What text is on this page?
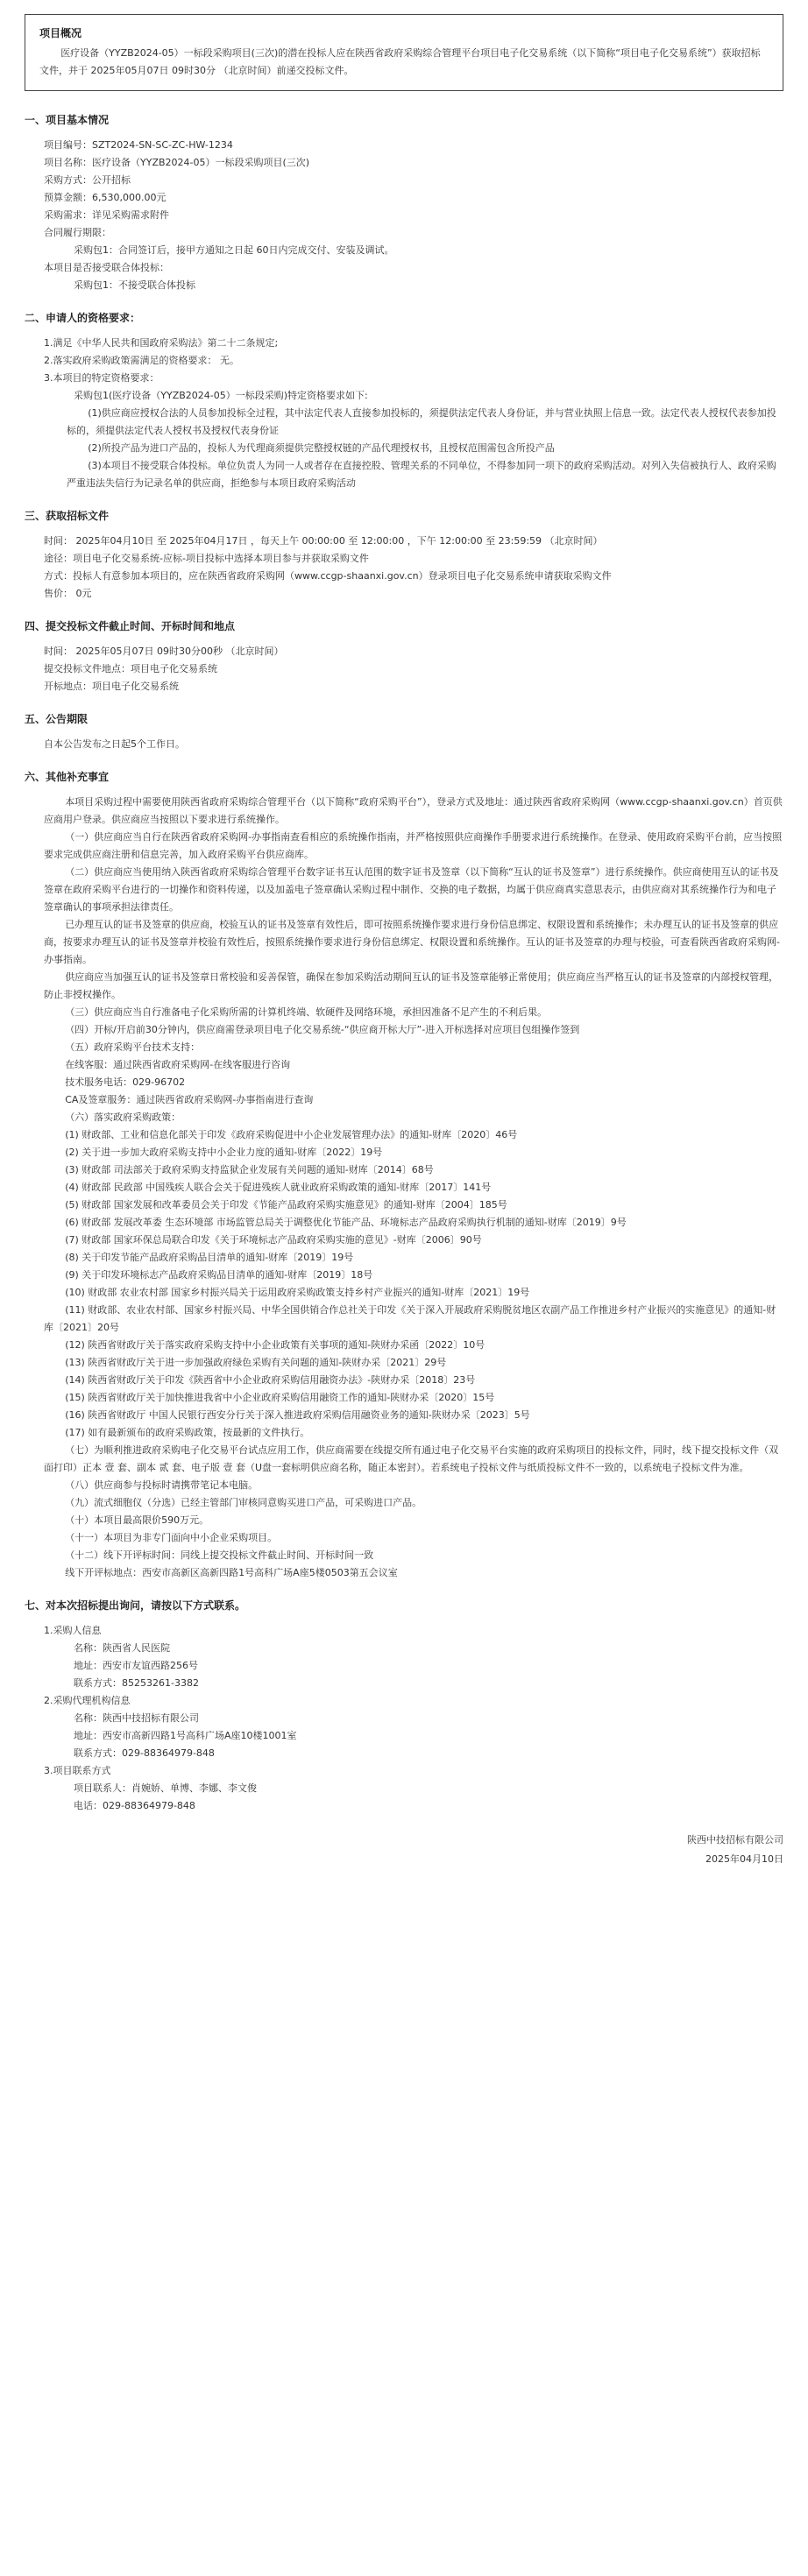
项目概况

医疗设备（YYZB2024-05）一标段采购项目(三次)的潜在投标人应在陕西省政府采购综合管理平台项目电子化交易系统（以下简称“项目电子化交易系统”）获取招标文件，并于 2025年05月07日 09时30分 （北京时间）前递交投标文件。

一、项目基本情况

项目编号：SZT2024-SN-SC-ZC-HW-1234

项目名称：医疗设备（YYZB2024-05）一标段采购项目(三次)

采购方式：公开招标

预算金额：6,530,000.00元

采购需求：详见采购需求附件

合同履行期限：

采购包1：合同签订后，接甲方通知之日起 60日内完成交付、安装及调试。

本项目是否接受联合体投标：

采购包1：不接受联合体投标

二、申请人的资格要求：

1.满足《中华人民共和国政府采购法》第二十二条规定;

2.落实政府采购政策需满足的资格要求： 无。

3.本项目的特定资格要求：

采购包1(医疗设备（YYZB2024-05）一标段采购)特定资格要求如下:

(1)供应商应授权合法的人员参加投标全过程，其中法定代表人直接参加投标的，须提供法定代表人身份证，并与营业执照上信息一致。法定代表人授权代表参加投标的，须提供法定代表人授权书及授权代表身份证

(2)所投产品为进口产品的，投标人为代理商须提供完整授权链的产品代理授权书，且授权范围需包含所投产品

(3)本项目不接受联合体投标。单位负责人为同一人或者存在直接控股、管理关系的不同单位，不得参加同一项下的政府采购活动。对列入失信被执行人、政府采购严重违法失信行为记录名单的供应商，拒绝参与本项目政府采购活动

三、获取招标文件

时间： 2025年04月10日 至 2025年04月17日 ，每天上午 00:00:00 至 12:00:00 ，下午 12:00:00 至 23:59:59 （北京时间）

途径：项目电子化交易系统-应标-项目投标中选择本项目参与并获取采购文件

方式：投标人有意参加本项目的，应在陕西省政府采购网（www.ccgp-shaanxi.gov.cn）登录项目电子化交易系统申请获取采购文件

售价： 0元

四、提交投标文件截止时间、开标时间和地点

时间： 2025年05月07日 09时30分00秒 （北京时间）

提交投标文件地点：项目电子化交易系统

开标地点：项目电子化交易系统

五、公告期限

自本公告发布之日起5个工作日。

六、其他补充事宜

本项目采购过程中需要使用陕西省政府采购综合管理平台（以下简称“政府采购平台”），登录方式及地址：通过陕西省政府采购网（www.ccgp-shaanxi.gov.cn）首页供应商用户登录。供应商应当按照以下要求进行系统操作。

（一）供应商应当自行在陕西省政府采购网-办事指南查看相应的系统操作指南，并严格按照供应商操作手册要求进行系统操作。在登录、使用政府采购平台前，应当按照要求完成供应商注册和信息完善，加入政府采购平台供应商库。

（二）供应商应当使用纳入陕西省政府采购综合管理平台数字证书互认范围的数字证书及签章（以下简称“互认的证书及签章”）进行系统操作。供应商使用互认的证书及签章在政府采购平台进行的一切操作和资料传递，以及加盖电子签章确认采购过程中制作、交换的电子数据，均属于供应商真实意思表示，由供应商对其系统操作行为和电子签章确认的事项承担法律责任。

已办理互认的证书及签章的供应商，校验互认的证书及签章有效性后，即可按照系统操作要求进行身份信息绑定、权限设置和系统操作；未办理互认的证书及签章的供应商，按要求办理互认的证书及签章并校验有效性后，按照系统操作要求进行身份信息绑定、权限设置和系统操作。互认的证书及签章的办理与校验，可查看陕西省政府采购网-办事指南。

供应商应当加强互认的证书及签章日常校验和妥善保管，确保在参加采购活动期间互认的证书及签章能够正常使用；供应商应当严格互认的证书及签章的内部授权管理，防止非授权操作。

（三）供应商应当自行准备电子化采购所需的计算机终端、软硬件及网络环境，承担因准备不足产生的不利后果。

（四）开标/开启前30分钟内，供应商需登录项目电子化交易系统-“供应商开标大厅”-进入开标选择对应项目包组操作签到

（五）政府采购平台技术支持：

在线客服：通过陕西省政府采购网-在线客服进行咨询

技术服务电话：029-96702

CA及签章服务：通过陕西省政府采购网-办事指南进行查询

（六）落实政府采购政策：

(1) 财政部、工业和信息化部关于印发《政府采购促进中小企业发展管理办法》的通知-财库〔2020〕46号

(2) 关于进一步加大政府采购支持中小企业力度的通知-财库〔2022〕19号

(3) 财政部 司法部关于政府采购支持监狱企业发展有关问题的通知-财库〔2014〕68号

(4) 财政部 民政部 中国残疾人联合会关于促进残疾人就业政府采购政策的通知-财库〔2017〕141号

(5) 财政部 国家发展和改革委员会关于印发《节能产品政府采购实施意见》的通知-财库〔2004〕185号

(6) 财政部 发展改革委 生态环境部 市场监管总局关于调整优化节能产品、环境标志产品政府采购执行机制的通知-财库〔2019〕9号

(7) 财政部 国家环保总局联合印发《关于环境标志产品政府采购实施的意见》-财库〔2006〕90号

(8) 关于印发节能产品政府采购品目清单的通知-财库〔2019〕19号

(9) 关于印发环境标志产品政府采购品目清单的通知-财库〔2019〕18号

(10) 财政部 农业农村部 国家乡村振兴局关于运用政府采购政策支持乡村产业振兴的通知-财库〔2021〕19号

(11) 财政部、农业农村部、国家乡村振兴局、中华全国供销合作总社关于印发《关于深入开展政府采购脱贫地区农副产品工作推进乡村产业振兴的实施意见》的通知-财库〔2021〕20号

(12) 陕西省财政厅关于落实政府采购支持中小企业政策有关事项的通知-陕财办采函〔2022〕10号

(13) 陕西省财政厅关于进一步加强政府绿色采购有关问题的通知-陕财办采〔2021〕29号

(14) 陕西省财政厅关于印发《陕西省中小企业政府采购信用融资办法》-陕财办采〔2018〕23号

(15) 陕西省财政厅关于加快推进我省中小企业政府采购信用融资工作的通知-陕财办采〔2020〕15号

(16) 陕西省财政厅 中国人民银行西安分行关于深入推进政府采购信用融资业务的通知-陕财办采〔2023〕5号

(17) 如有最新颁布的政府采购政策，按最新的文件执行。

（七）为顺利推进政府采购电子化交易平台试点应用工作，供应商需要在线提交所有通过电子化交易平台实施的政府采购项目的投标文件，同时，线下提交投标文件（双面打印）正本 壹 套、副本 贰 套、电子版 壹 套（U盘一套标明供应商名称，随正本密封）。若系统电子投标文件与纸质投标文件不一致的，以系统电子投标文件为准。

（八）供应商参与投标时请携带笔记本电脑。

（九）流式细胞仪（分选）已经主管部门审核同意购买进口产品，可采购进口产品。

（十）本项目最高限价590万元。

（十一）本项目为非专门面向中小企业采购项目。

（十二）线下开评标时间：同线上提交投标文件截止时间、开标时间一致

线下开评标地点：西安市高新区高新四路1号高科广场A座5楼0503第五会议室

七、对本次招标提出询问，请按以下方式联系。

1.采购人信息

名称：陕西省人民医院

地址：西安市友谊西路256号

联系方式：85253261-3382

2.采购代理机构信息

名称：陕西中技招标有限公司

地址：西安市高新四路1号高科广场A座10楼1001室

联系方式：029-88364979-848

3.项目联系方式

项目联系人：肖婉娇、单博、李娜、李文俊

电话：029-88364979-848

陕西中技招标有限公司
2025年04月10日
